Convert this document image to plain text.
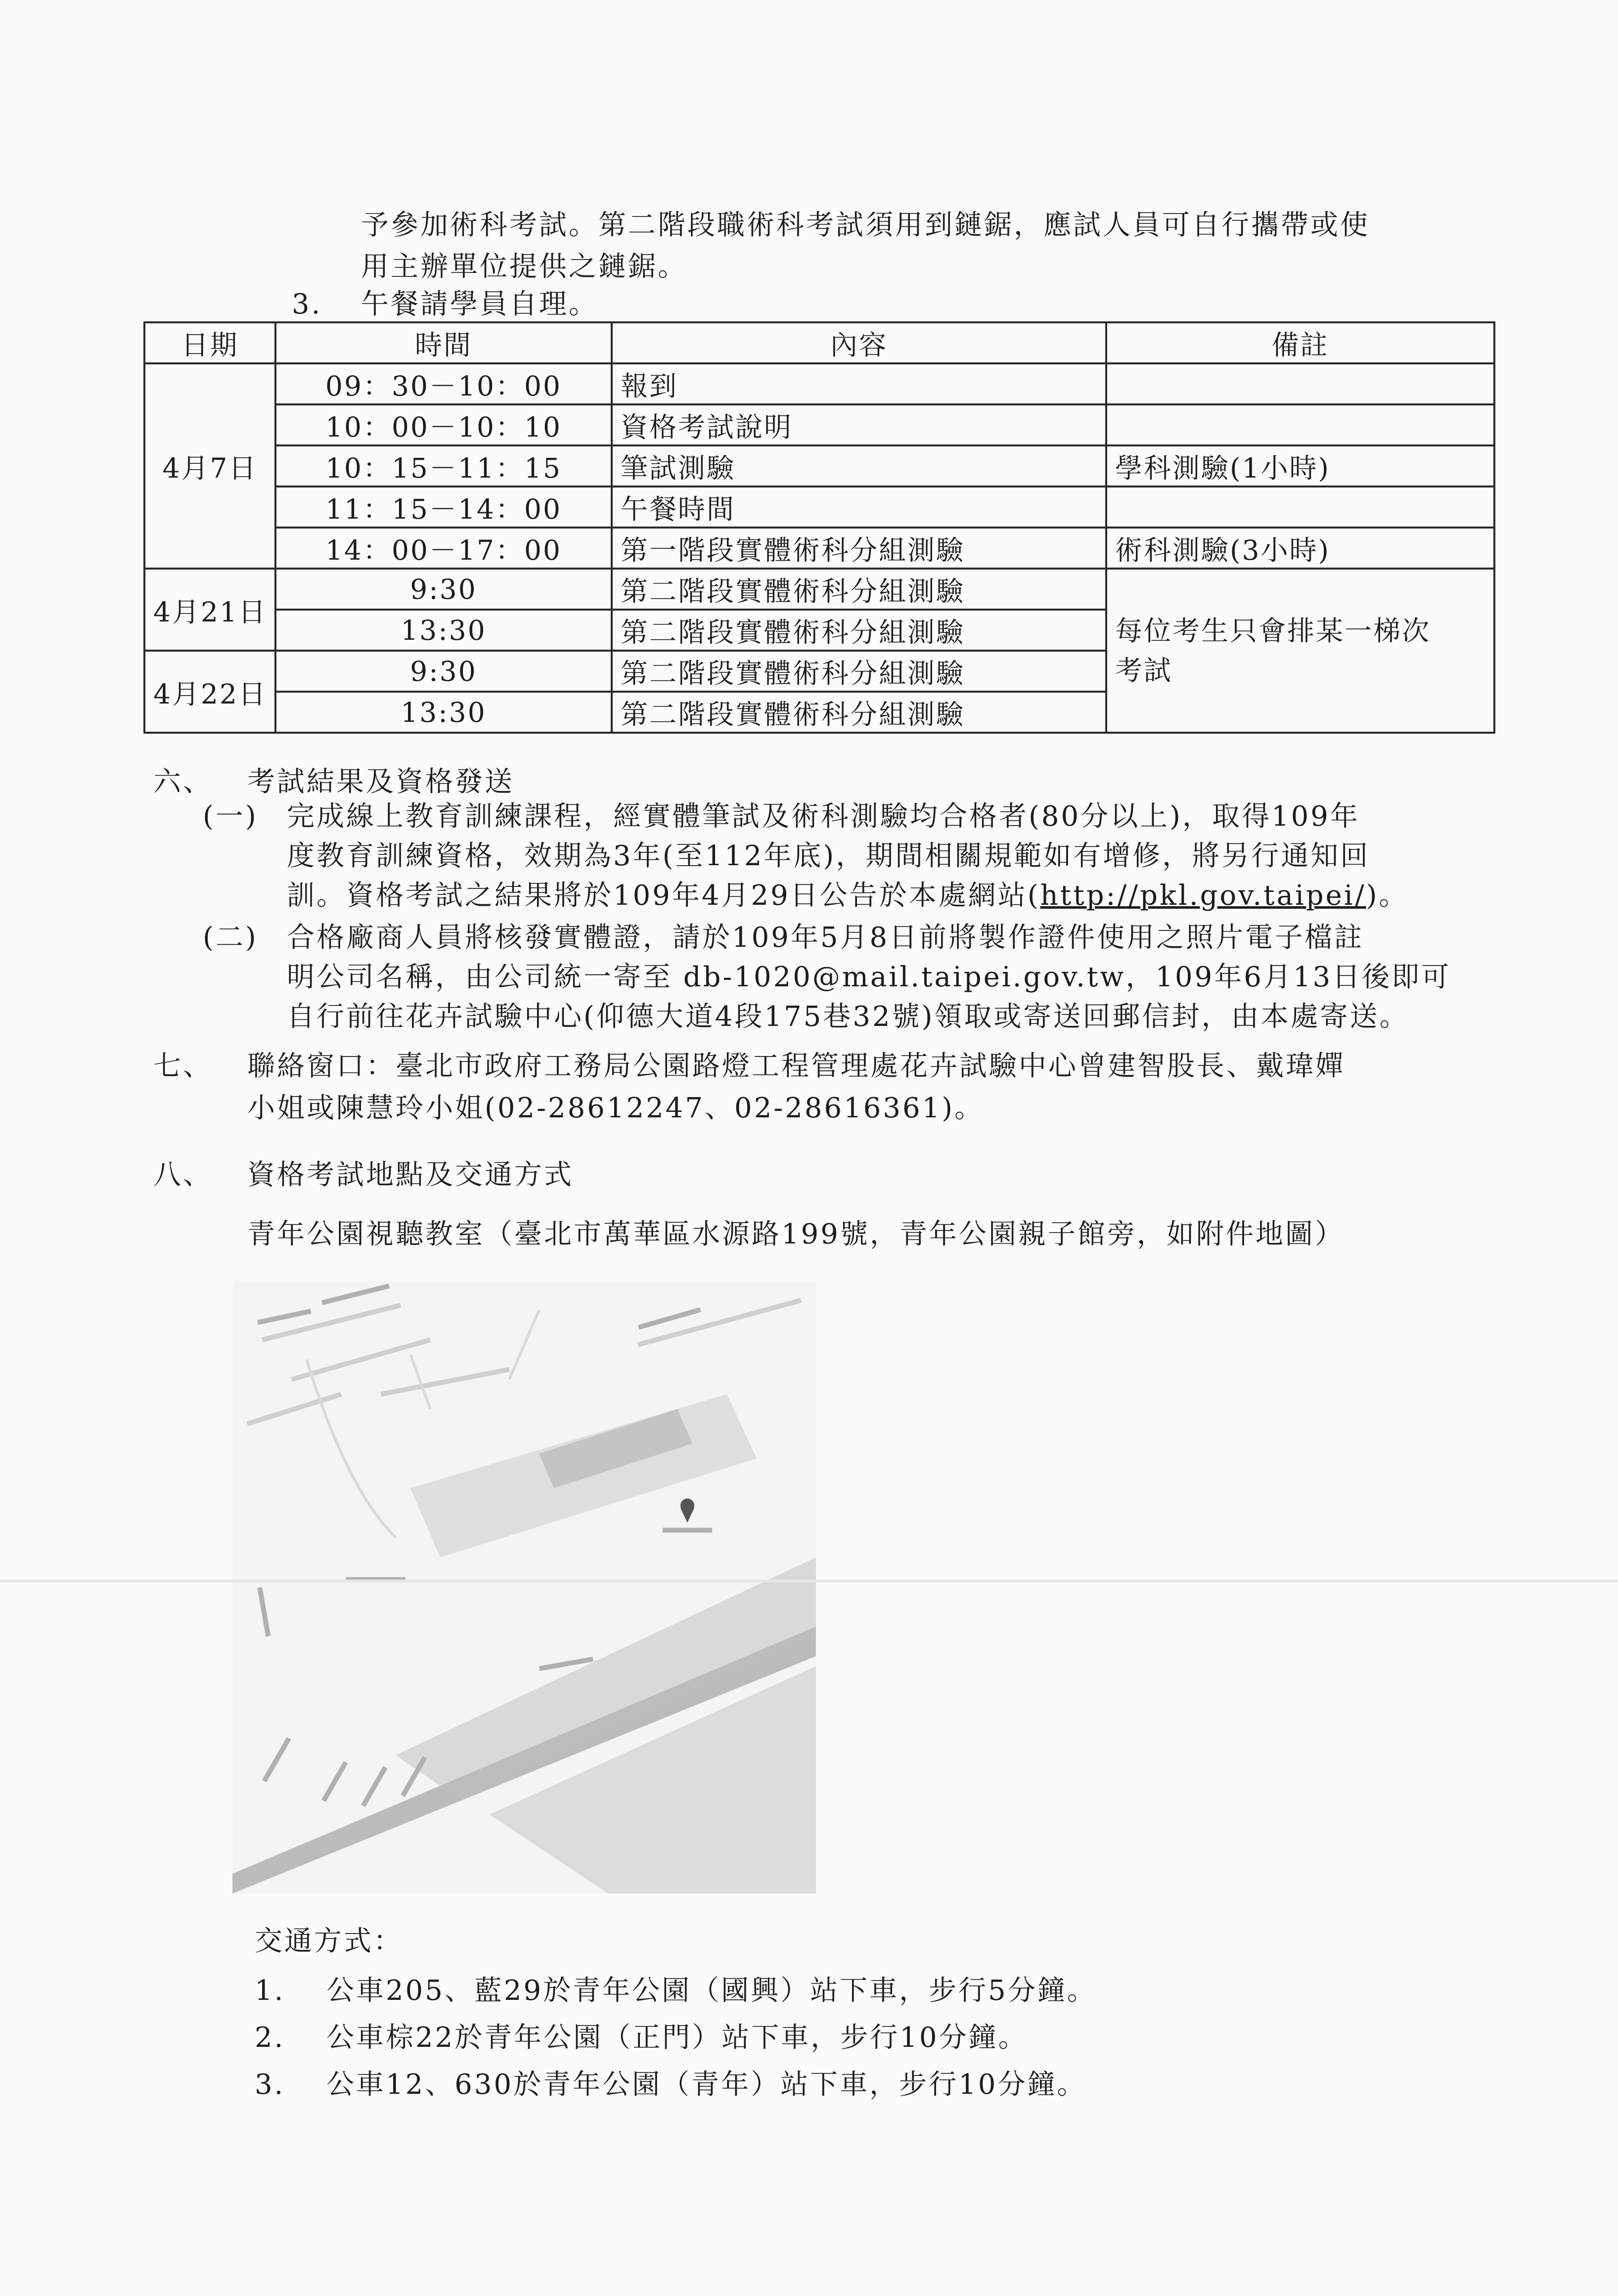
予參加術科考試。第二階段職術科考試須用到鏈鋸，應試人員可自行攜帶或使
用主辦單位提供之鏈鋸。
3. 午餐請學員自理。
日期	時間	內容	備註
4月7日	09：30－10：00	報到	
	10：00－10：10	資格考試說明	
	10：15－11：15	筆試測驗	學科測驗(1小時)
	11：15－14：00	午餐時間	
	14：00－17：00	第一階段實體術科分組測驗	術科測驗(3小時)
4月21日	9:30	第二階段實體術科分組測驗	每位考生只會排某一梯次
考試

	13:30	第二階段實體術科分組測驗	
4月22日	9:30	第二階段實體術科分組測驗	
	13:30	第二階段實體術科分組測驗	
六、 考試結果及資格發送
(一) 完成線上教育訓練課程，經實體筆試及術科測驗均合格者(80分以上)，取得109年
度教育訓練資格，效期為3年(至112年底)，期間相關規範如有增修，將另行通知回
訓。資格考試之結果將於109年4月29日公告於本處網站(http://pkl.gov.taipei/)。
(二) 合格廠商人員將核發實體證，請於109年5月8日前將製作證件使用之照片電子檔註
明公司名稱，由公司統一寄至 db-1020@mail.taipei.gov.tw，109年6月13日後即可
自行前往花卉試驗中心(仰德大道4段175巷32號)領取或寄送回郵信封，由本處寄送。
七、 聯絡窗口：臺北市政府工務局公園路燈工程管理處花卉試驗中心曾建智股長、戴瑋嬋
小姐或陳慧玲小姐(02-28612247、02-28616361)。
八、 資格考試地點及交通方式
青年公園視聽教室（臺北市萬華區水源路199號，青年公園親子館旁，如附件地圖）
交通方式：
1. 公車205、藍29於青年公園（國興）站下車，步行5分鐘。
2. 公車棕22於青年公園（正門）站下車，步行10分鐘。
3. 公車12、630於青年公園（青年）站下車，步行10分鐘。
